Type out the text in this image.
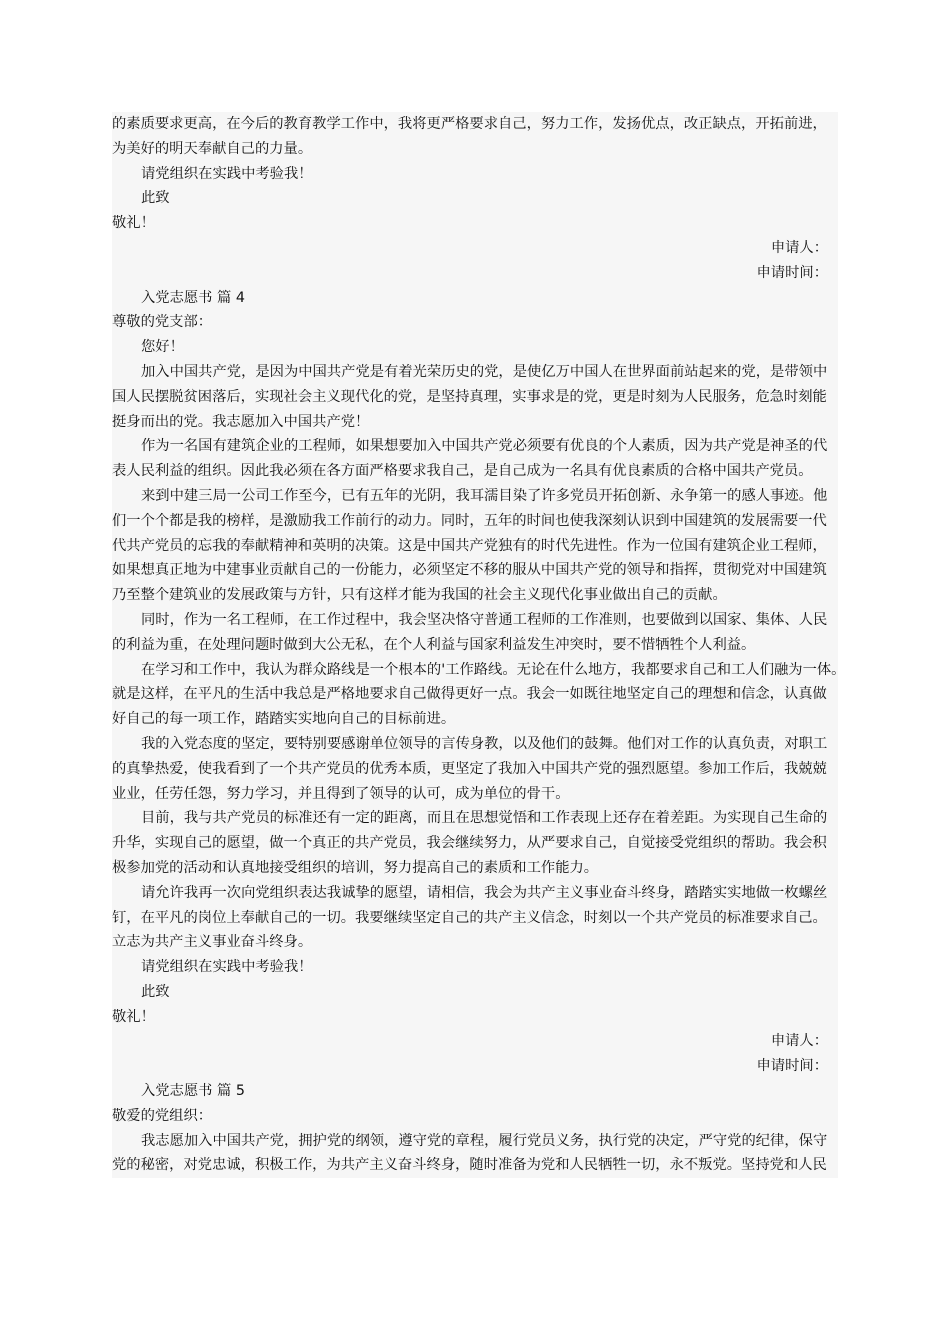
的素质要求更高，在今后的教育教学工作中，我将更严格要求自己，努力工作，发扬优点，改正缺点，开拓前进，
为美好的明天奉献自己的力量。
请党组织在实践中考验我！
此致
敬礼！
申请人：
申请时间：
入党志愿书 篇 4
尊敬的党支部：
您好！
加入中国共产党，是因为中国共产党是有着光荣历史的党，是使亿万中国人在世界面前站起来的党，是带领中
国人民摆脱贫困落后，实现社会主义现代化的党，是坚持真理，实事求是的党，更是时刻为人民服务，危急时刻能
挺身而出的党。我志愿加入中国共产党！
作为一名国有建筑企业的工程师，如果想要加入中国共产党必须要有优良的个人素质，因为共产党是神圣的代
表人民利益的组织。因此我必须在各方面严格要求我自己，是自己成为一名具有优良素质的合格中国共产党员。
来到中建三局一公司工作至今，已有五年的光阴，我耳濡目染了许多党员开拓创新、永争第一的感人事迹。他
们一个个都是我的榜样，是激励我工作前行的动力。同时，五年的时间也使我深刻认识到中国建筑的发展需要一代
代共产党员的忘我的奉献精神和英明的决策。这是中国共产党独有的时代先进性。作为一位国有建筑企业工程师，
如果想真正地为中建事业贡献自己的一份能力，必须坚定不移的服从中国共产党的领导和指挥，贯彻党对中国建筑
乃至整个建筑业的发展政策与方针，只有这样才能为我国的社会主义现代化事业做出自己的贡献。
同时，作为一名工程师，在工作过程中，我会坚决恪守普通工程师的工作准则，也要做到以国家、集体、人民
的利益为重，在处理问题时做到大公无私，在个人利益与国家利益发生冲突时，要不惜牺牲个人利益。
在学习和工作中，我认为群众路线是一个根本的'工作路线。无论在什么地方，我都要求自己和工人们融为一体。
就是这样，在平凡的生活中我总是严格地要求自己做得更好一点。我会一如既往地坚定自己的理想和信念，认真做
好自己的每一项工作，踏踏实实地向自己的目标前进。
我的入党态度的坚定，要特别要感谢单位领导的言传身教，以及他们的鼓舞。他们对工作的认真负责，对职工
的真挚热爱，使我看到了一个共产党员的优秀本质，更坚定了我加入中国共产党的强烈愿望。参加工作后，我兢兢
业业，任劳任怨，努力学习，并且得到了领导的认可，成为单位的骨干。
目前，我与共产党员的标准还有一定的距离，而且在思想觉悟和工作表现上还存在着差距。为实现自己生命的
升华，实现自己的愿望，做一个真正的共产党员，我会继续努力，从严要求自己，自觉接受党组织的帮助。我会积
极参加党的活动和认真地接受组织的培训，努力提高自己的素质和工作能力。
请允许我再一次向党组织表达我诚挚的愿望，请相信，我会为共产主义事业奋斗终身，踏踏实实地做一枚螺丝
钉，在平凡的岗位上奉献自己的一切。我要继续坚定自己的共产主义信念，时刻以一个共产党员的标准要求自己。
立志为共产主义事业奋斗终身。
请党组织在实践中考验我！
此致
敬礼！
申请人：
申请时间：
入党志愿书 篇 5
敬爱的党组织：
我志愿加入中国共产党，拥护党的纲领，遵守党的章程，履行党员义务，执行党的决定，严守党的纪律，保守
党的秘密，对党忠诚，积极工作，为共产主义奋斗终身，随时准备为党和人民牺牲一切，永不叛党。坚持党和人民
